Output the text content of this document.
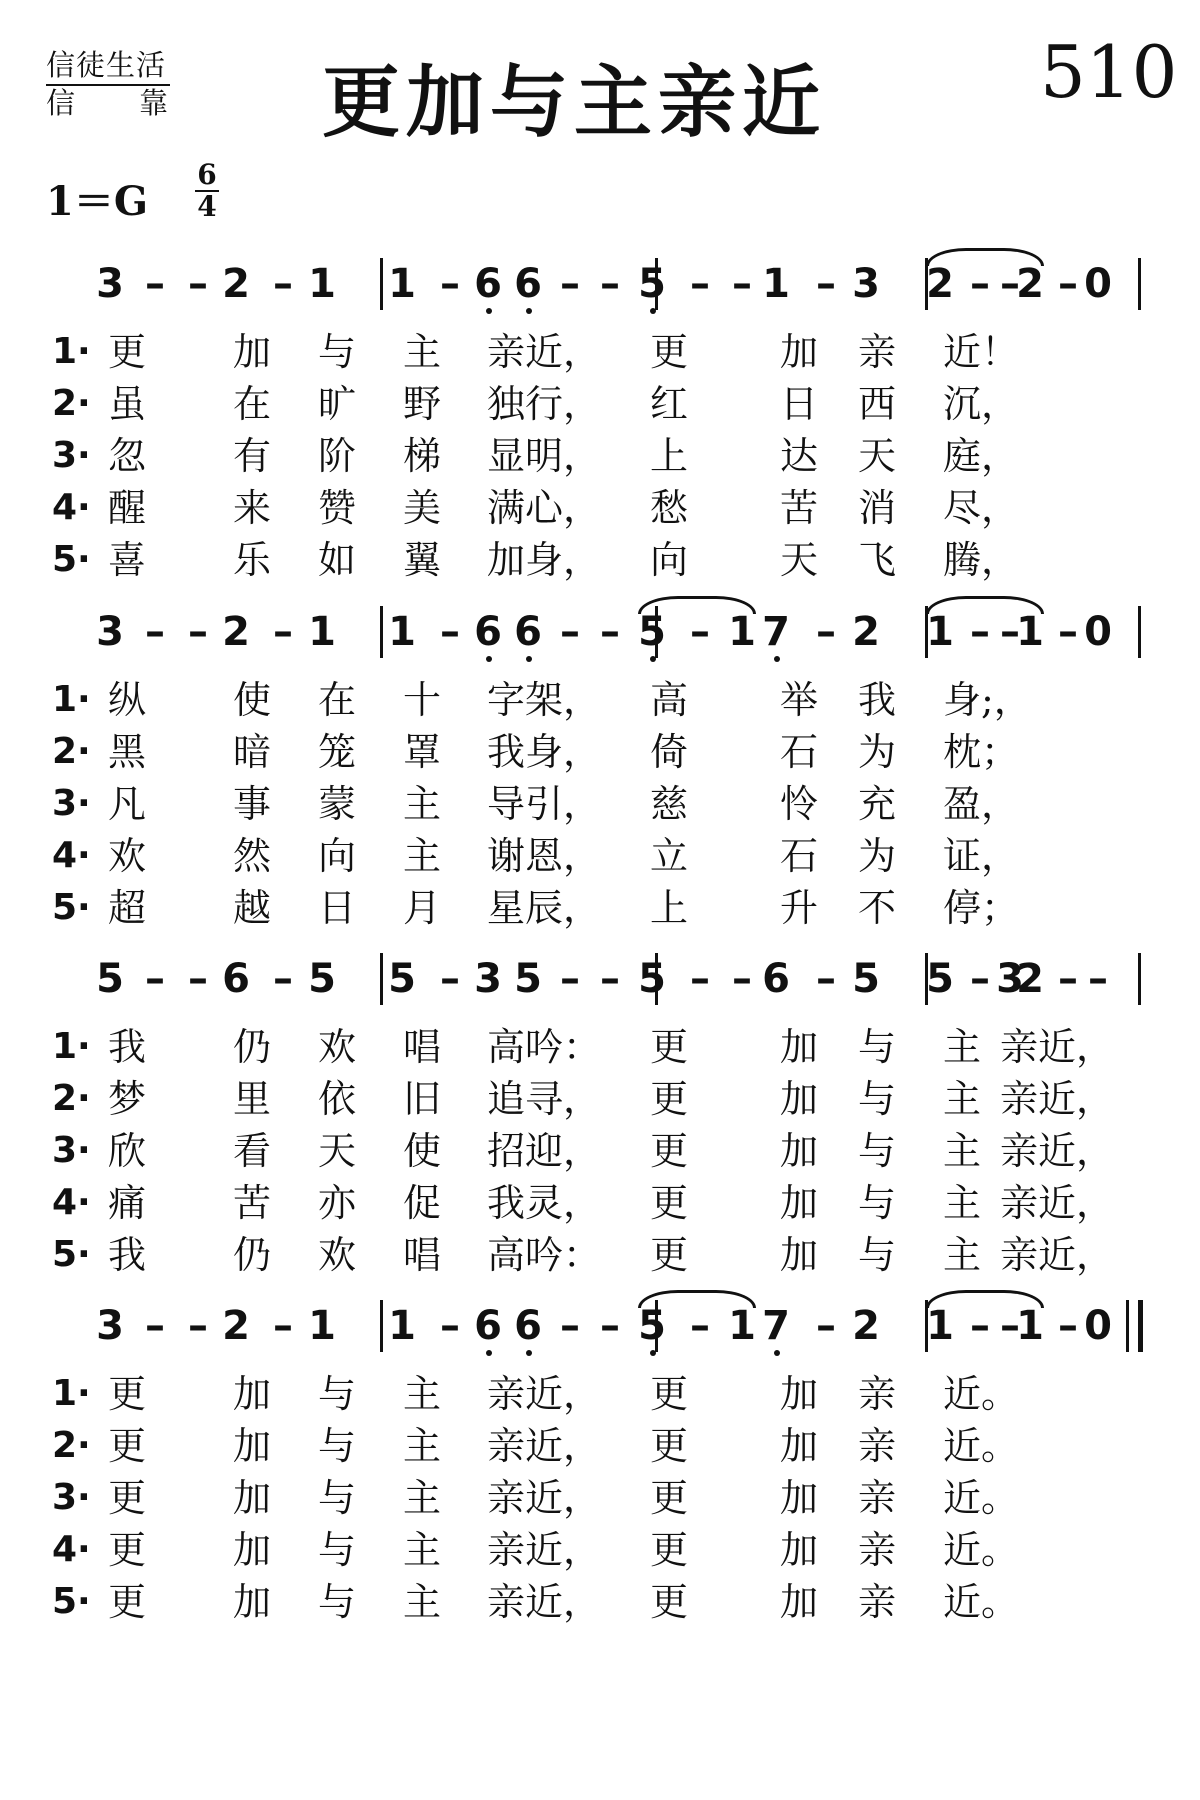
信徒生活
信　　靠 更加与主亲近	510
$1=G \frac{6}{4}$
3 – – 2 – 1 1 – 6 6 – – 5 – – 1 – 3 2 – –
2 – 0
1· 更 加 与 主 亲近， 更 加 亲 近！
2· 虽 在 旷 野 独行， 红 日 西 沉，
3· 忽 有 阶 梯 显明， 上 达 天 庭，
4· 醒 来 赞 美 满心， 愁 苦 消 尽，
5· 喜 乐 如 翼 加身， 向 天 飞 腾，
3 – – 2 – 1 1 – 6 6 – – 5 – 1 7 – 2 1 – –
1 – 0
1· 纵 使 在 十 字架， 高 举 我 身;，
2· 黑 暗 笼 罩 我身， 倚 石 为 枕；
3· 凡 事 蒙 主 导引， 慈 怜 充 盈，
4· 欢 然 向 主 谢恩， 立 石 为 证，
5· 超 越 日 月 星辰， 上 升 不 停；
5 – – 6 – 5 5 – 3 5 – – 5 – – 6 – 5 5 – 3
2 – –
1· 我 仍 欢 唱 高吟： 更 加 与 主 亲近，
2· 梦 里 依 旧 追寻， 更 加 与 主 亲近，
3· 欣 看 天 使 招迎， 更 加 与 主 亲近，
4· 痛 苦 亦 促 我灵， 更 加 与 主 亲近，
5· 我 仍 欢 唱 高吟： 更 加 与 主 亲近，
3 – – 2 – 1 1 – 6 6 – – 5 – 1 7 – 2 1 – –
1 – 0
1· 更 加 与 主 亲近， 更 加 亲 近。
2· 更 加 与 主 亲近， 更 加 亲 近。
3· 更 加 与 主 亲近， 更 加 亲 近。
4· 更 加 与 主 亲近， 更 加 亲 近。
5· 更 加 与 主 亲近， 更 加 亲 近。
